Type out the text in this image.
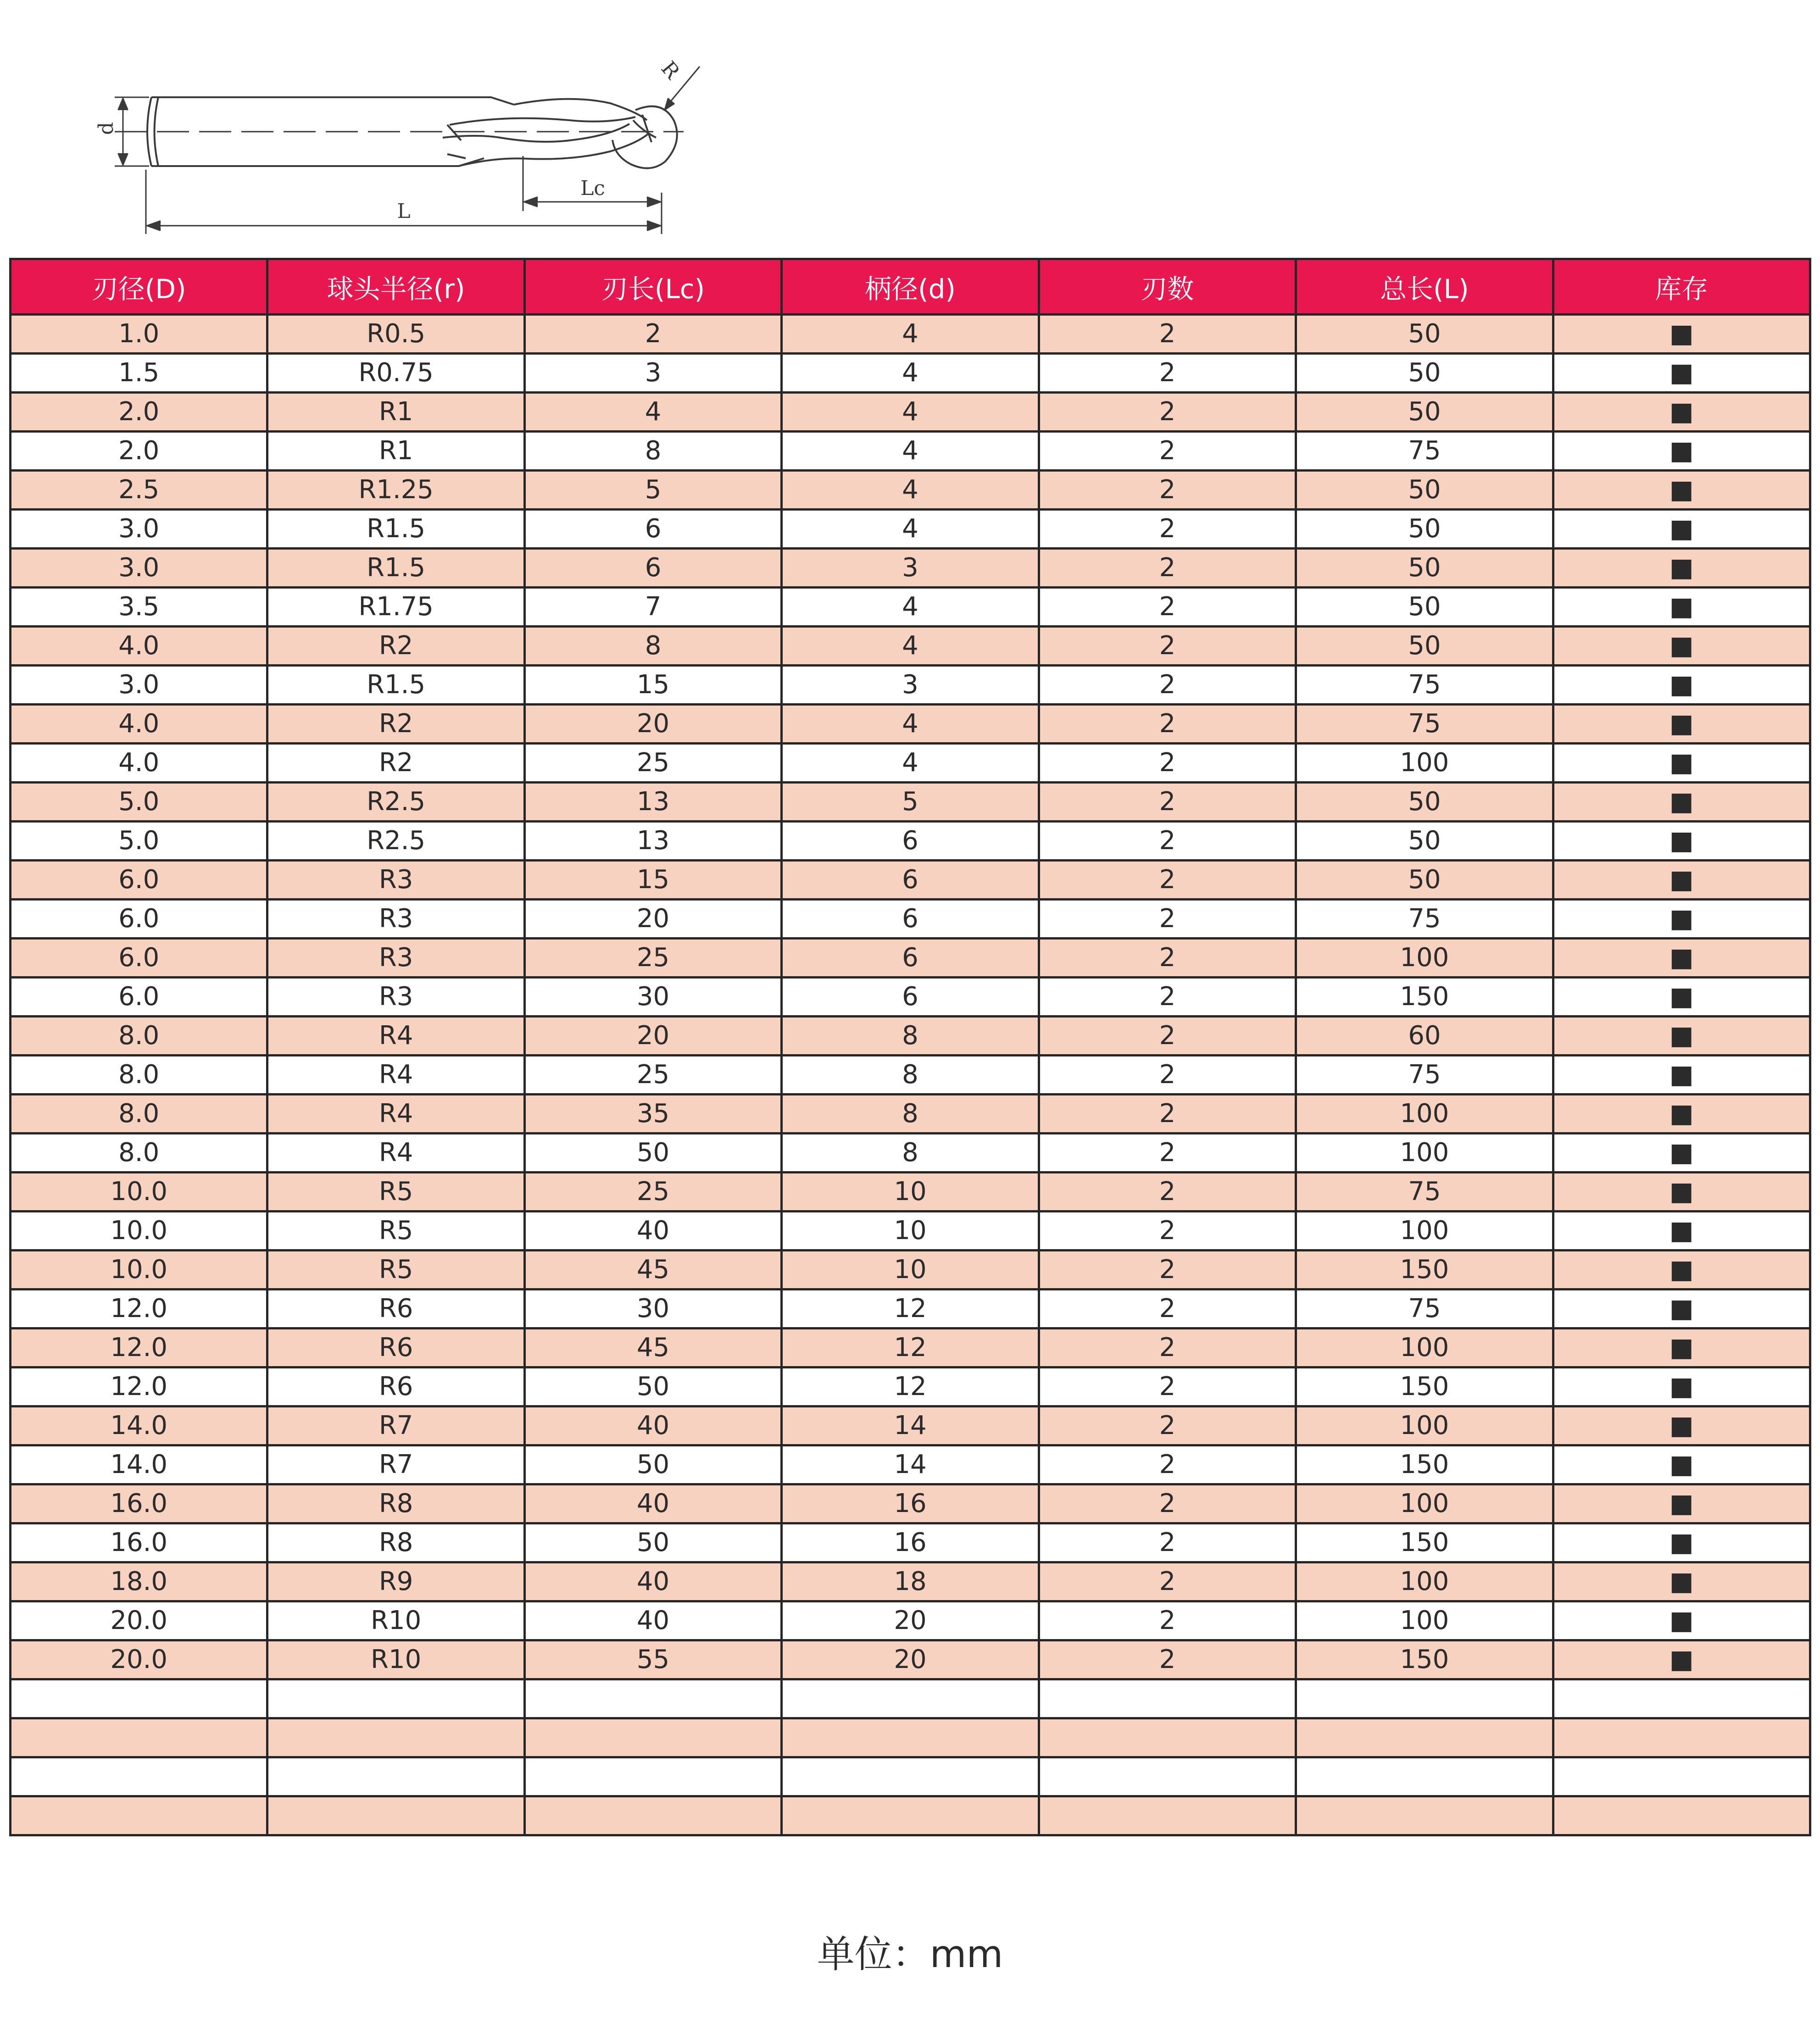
d
L
Lc
R
刃径(D)	球头半径(r)	刃长(Lc)	柄径(d)	刃数	总长(L)	库存
1.0	R0.5	2	4	2	50	■
1.5	R0.75	3	4	2	50	■
2.0	R1	4	4	2	50	■
2.0	R1	8	4	2	75	■
2.5	R1.25	5	4	2	50	■
3.0	R1.5	6	4	2	50	■
3.0	R1.5	6	3	2	50	■
3.5	R1.75	7	4	2	50	■
4.0	R2	8	4	2	50	■
3.0	R1.5	15	3	2	75	■
4.0	R2	20	4	2	75	■
4.0	R2	25	4	2	100	■
5.0	R2.5	13	5	2	50	■
5.0	R2.5	13	6	2	50	■
6.0	R3	15	6	2	50	■
6.0	R3	20	6	2	75	■
6.0	R3	25	6	2	100	■
6.0	R3	30	6	2	150	■
8.0	R4	20	8	2	60	■
8.0	R4	25	8	2	75	■
8.0	R4	35	8	2	100	■
8.0	R4	50	8	2	100	■
10.0	R5	25	10	2	75	■
10.0	R5	40	10	2	100	■
10.0	R5	45	10	2	150	■
12.0	R6	30	12	2	75	■
12.0	R6	45	12	2	100	■
12.0	R6	50	12	2	150	■
14.0	R7	40	14	2	100	■
14.0	R7	50	14	2	150	■
16.0	R8	40	16	2	100	■
16.0	R8	50	16	2	150	■
18.0	R9	40	18	2	100	■
20.0	R10	40	20	2	100	■
20.0	R10	55	20	2	150	■

单位：mm
